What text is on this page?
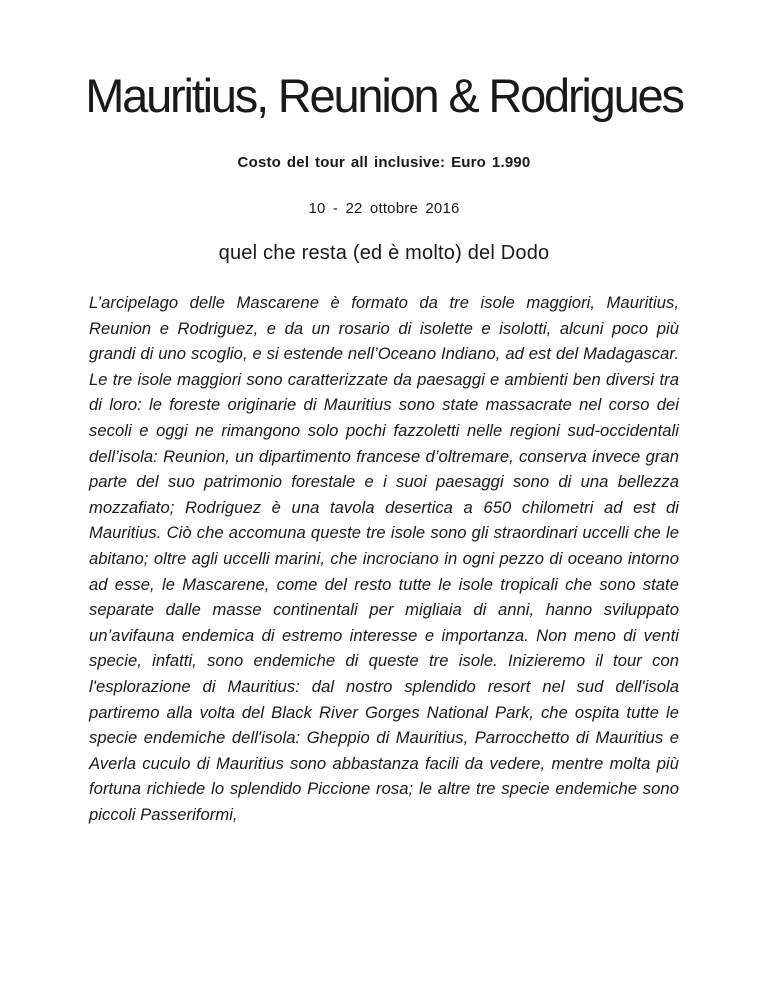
Mauritius, Reunion & Rodrigues
Costo del tour all inclusive: Euro 1.990
10 - 22 ottobre 2016
quel che resta (ed è molto) del Dodo

L’arcipelago delle Mascarene è formato da tre isole maggiori, Mauritius, Reunion e Rodriguez, e da un rosario di isolette e isolotti, alcuni poco più grandi di uno scoglio, e si estende nell’Oceano Indiano, ad est del Madagascar. Le tre isole maggiori sono caratterizzate da paesaggi e ambienti ben diversi tra di loro: le foreste originarie di Mauritius sono state massacrate nel corso dei secoli e oggi ne rimangono solo pochi fazzoletti nelle regioni sud-occidentali dell’isola: Reunion, un dipartimento francese d’oltremare, conserva invece gran parte del suo patrimonio forestale e i suoi paesaggi sono di una bellezza mozzafiato; Rodriguez è una tavola desertica a 650 chilometri ad est di Mauritius. Ciò che accomuna queste tre isole sono gli straordinari uccelli che le abitano; oltre agli uccelli marini, che incrociano in ogni pezzo di oceano intorno ad esse, le Mascarene, come del resto tutte le isole tropicali che sono state separate dalle masse continentali per migliaia di anni, hanno sviluppato un’avifauna endemica di estremo interesse e importanza. Non meno di venti specie, infatti, sono endemiche di queste tre isole. Inizieremo il tour con l'esplorazione di Mauritius: dal nostro splendido resort nel sud dell'isola partiremo alla volta del Black River Gorges National Park, che ospita tutte le specie endemiche dell'isola: Gheppio di Mauritius, Parrocchetto di Mauritius e Averla cuculo di Mauritius sono abbastanza facili da vedere, mentre molta più fortuna richiede lo splendido Piccione rosa; le altre tre specie endemiche sono piccoli Passeriformi,
